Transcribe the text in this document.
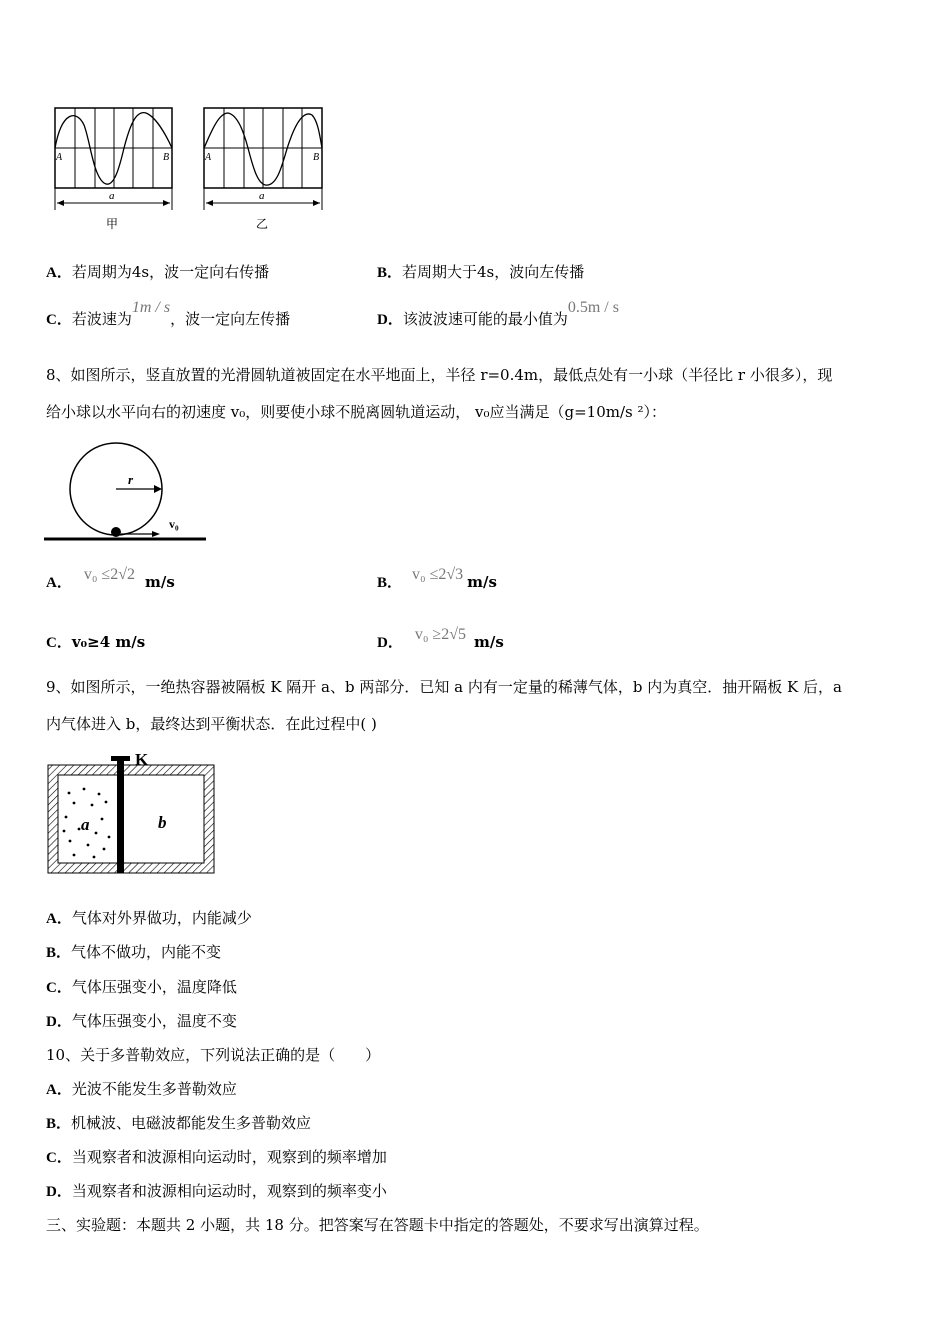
A	B
a
甲
A	B
a
乙
A．若周期为4s，波一定向右传播	B．若周期大于4s，波向左传播
C．若波速为1m / s，波一定向左传播	D．该波波速可能的最小值为0.5m / s
8、如图所示，竖直放置的光滑圆轨道被固定在水平地面上，半径 r=0.4m，最低点处有一小球（半径比 r 小很多），现
给小球以水平向右的初速度 v₀，则要使小球不脱离圆轨道运动， v₀应当满足（g=10m/s ²）：
r
v₀
A． v₀ ≤2√2 m/s	B． v₀ ≤2√3 m/s
C．v₀≥4 m/s	D． v₀ ≥2√5 m/s
9、如图所示，一绝热容器被隔板 K 隔开 a、b 两部分．已知 a 内有一定量的稀薄气体，b 内为真空．抽开隔板 K 后，a
内气体进入 b，最终达到平衡状态．在此过程中( )
K
a	b
A．气体对外界做功，内能减少
B．气体不做功，内能不变
C．气体压强变小，温度降低
D．气体压强变小，温度不变
10、关于多普勒效应，下列说法正确的是（　　）
A．光波不能发生多普勒效应
B．机械波、电磁波都能发生多普勒效应
C．当观察者和波源相向运动时，观察到的频率增加
D．当观察者和波源相向运动时，观察到的频率变小
三、实验题：本题共 2 小题，共 18 分。把答案写在答题卡中指定的答题处，不要求写出演算过程。
